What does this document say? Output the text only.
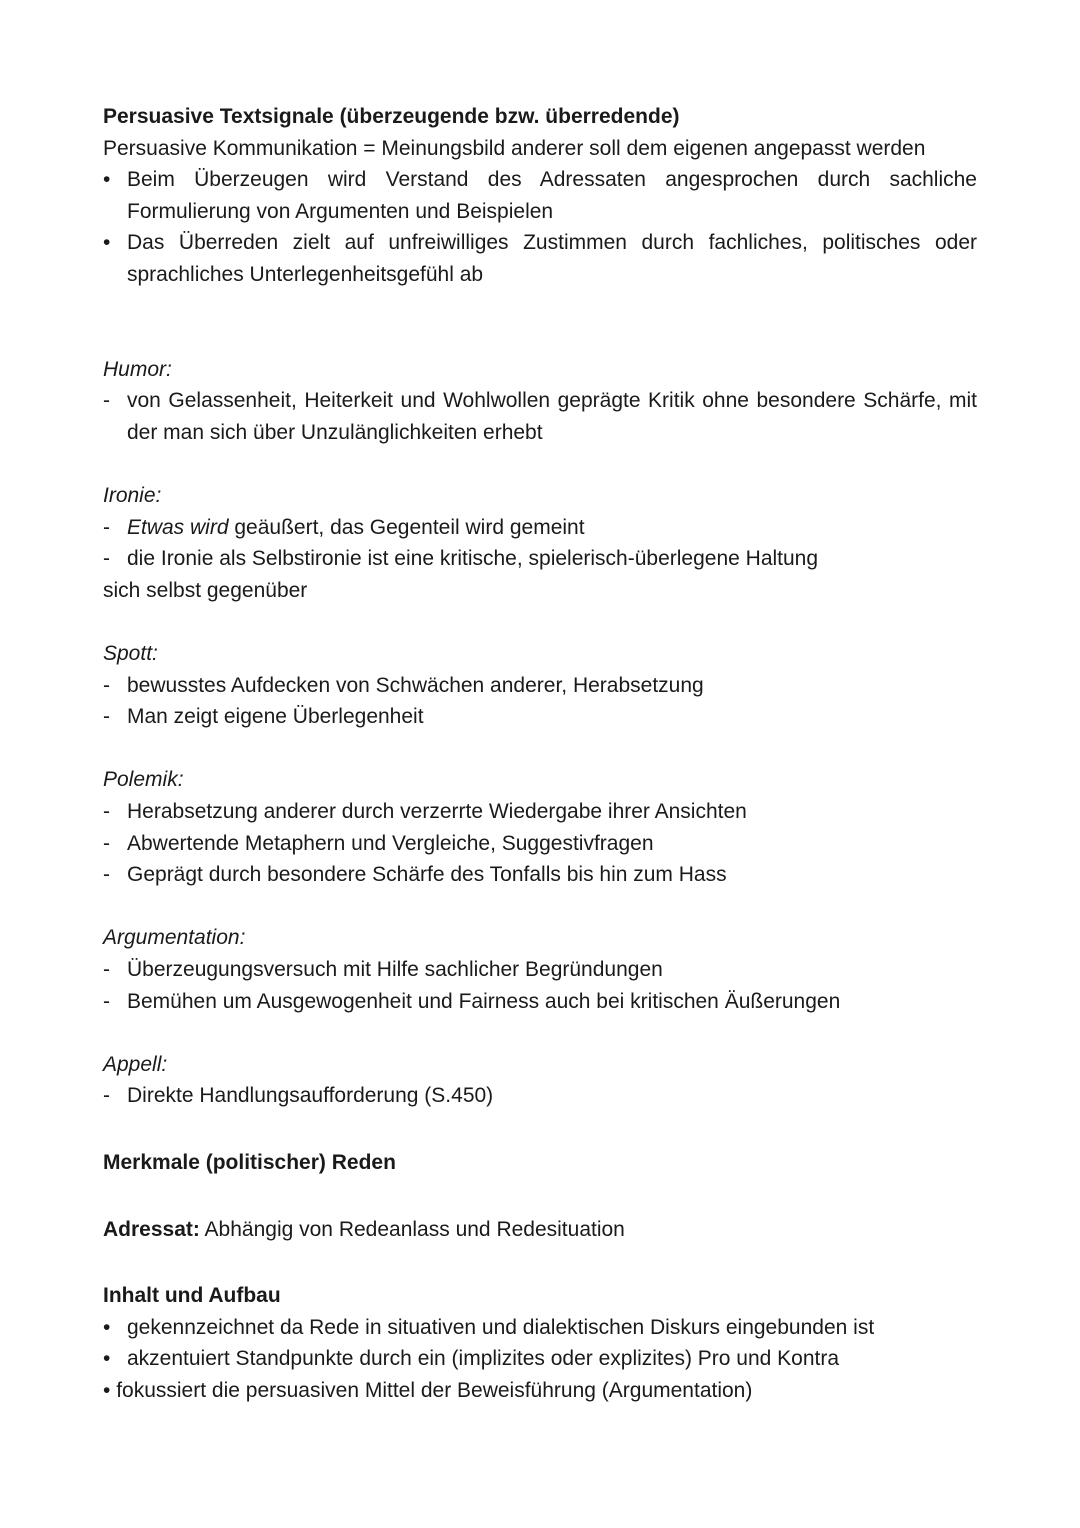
Persuasive Textsignale (überzeugende bzw. überredende)
Persuasive Kommunikation = Meinungsbild anderer soll dem eigenen angepasst werden
• Beim Überzeugen wird Verstand des Adressaten angesprochen durch sachliche Formulierung von Argumenten und Beispielen
• Das Überreden zielt auf unfreiwilliges Zustimmen durch fachliches, politisches oder sprachliches Unterlegenheitsgefühl ab
Humor:
- von Gelassenheit, Heiterkeit und Wohlwollen geprägte Kritik ohne besondere Schärfe, mit der man sich über Unzulänglichkeiten erhebt
Ironie:
- Etwas wird geäußert, das Gegenteil wird gemeint
- die Ironie als Selbstironie ist eine kritische, spielerisch-überlegene Haltung
sich selbst gegenüber
Spott:
- bewusstes Aufdecken von Schwächen anderer, Herabsetzung
- Man zeigt eigene Überlegenheit
Polemik:
- Herabsetzung anderer durch verzerrte Wiedergabe ihrer Ansichten
- Abwertende Metaphern und Vergleiche, Suggestivfragen
- Geprägt durch besondere Schärfe des Tonfalls bis hin zum Hass
Argumentation:
- Überzeugungsversuch mit Hilfe sachlicher Begründungen
- Bemühen um Ausgewogenheit und Fairness auch bei kritischen Äußerungen
Appell:
- Direkte Handlungsaufforderung (S.450)
Merkmale (politischer) Reden
Adressat: Abhängig von Redeanlass und Redesituation
Inhalt und Aufbau
• gekennzeichnet da Rede in situativen und dialektischen Diskurs eingebunden ist
• akzentuiert Standpunkte durch ein (implizites oder explizites) Pro und Kontra
• fokussiert die persuasiven Mittel der Beweisführung (Argumentation)
